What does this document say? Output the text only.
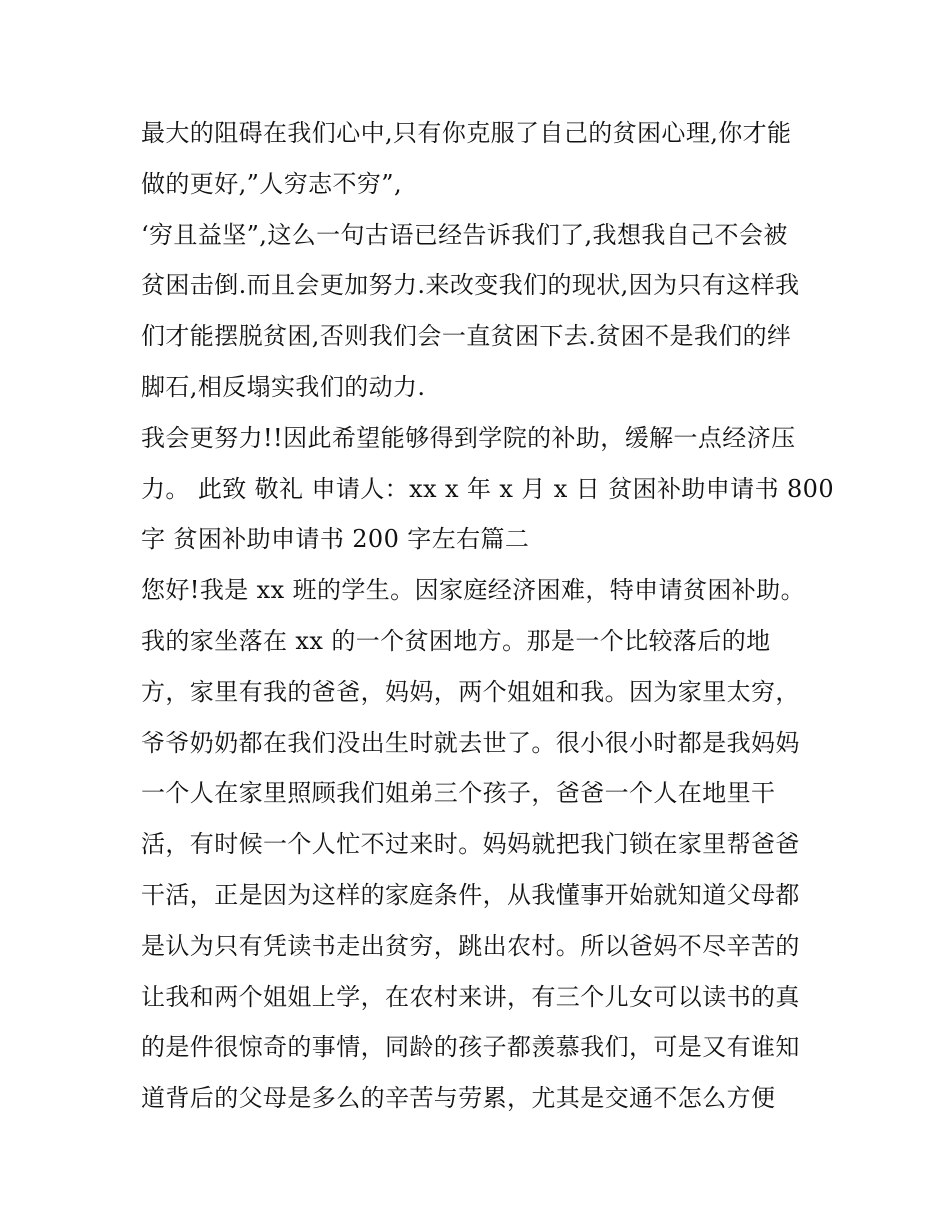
最大的阻碍在我们心中,只有你克服了自己的贫困心理,你才能
做的更好,”人穷志不穷”,
‘穷且益坚”,这么一句古语已经告诉我们了,我想我自己不会被
贫困击倒.而且会更加努力.来改变我们的现状,因为只有这样我
们才能摆脱贫困,否则我们会一直贫困下去.贫困不是我们的绊
脚石,相反塌实我们的动力.
我会更努力!!因此希望能够得到学院的补助，缓解一点经济压
力。 此致 敬礼 申请人：xx x 年 x 月 x 日 贫困补助申请书 800
字 贫困补助申请书 200 字左右篇二
您好!我是 xx 班的学生。因家庭经济困难，特申请贫困补助。
我的家坐落在 xx 的一个贫困地方。那是一个比较落后的地
方，家里有我的爸爸，妈妈，两个姐姐和我。因为家里太穷，
爷爷奶奶都在我们没出生时就去世了。很小很小时都是我妈妈
一个人在家里照顾我们姐弟三个孩子，爸爸一个人在地里干
活，有时候一个人忙不过来时。妈妈就把我门锁在家里帮爸爸
干活，正是因为这样的家庭条件，从我懂事开始就知道父母都
是认为只有凭读书走出贫穷，跳出农村。所以爸妈不尽辛苦的
让我和两个姐姐上学，在农村来讲，有三个儿女可以读书的真
的是件很惊奇的事情，同龄的孩子都羡慕我们，可是又有谁知
道背后的父母是多么的辛苦与劳累，尤其是交通不怎么方便
